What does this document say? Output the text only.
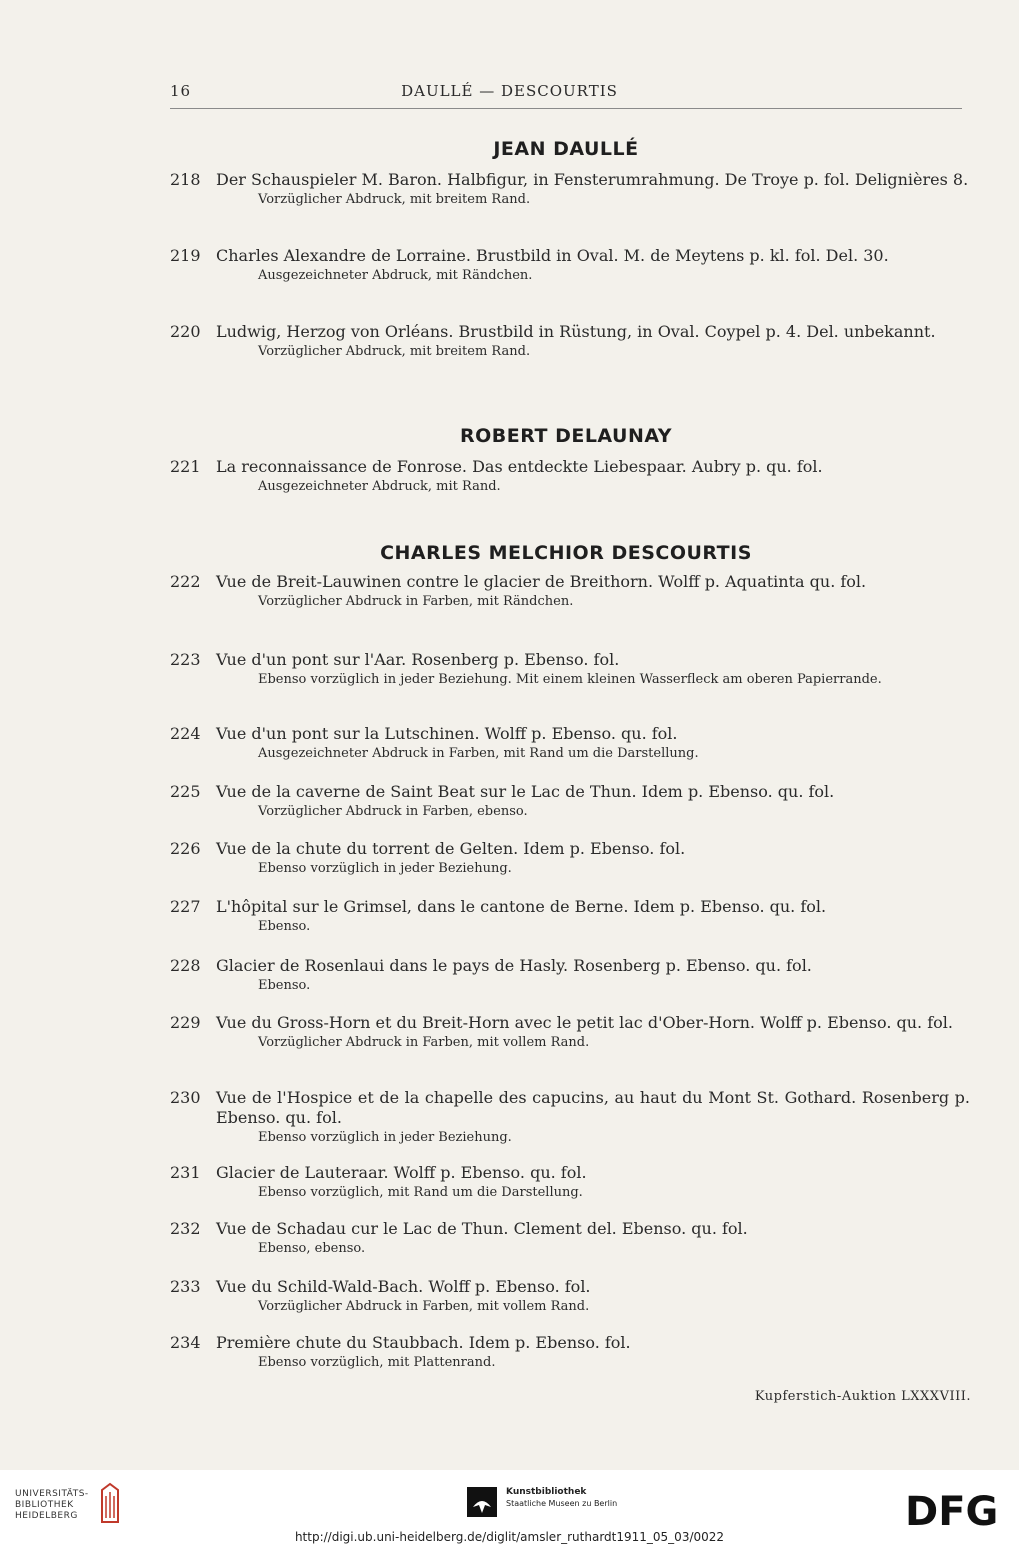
16	DAULLÉ — DESCOURTIS
JEAN DAULLÉ
218 Der Schauspieler M. Baron. Halbfigur, in Fensterumrahmung. De Troye p. fol. Delignières 8.
Vorzüglicher Abdruck, mit breitem Rand.
219 Charles Alexandre de Lorraine. Brustbild in Oval. M. de Meytens p. kl. fol. Del. 30.
Ausgezeichneter Abdruck, mit Rändchen.
220 Ludwig, Herzog von Orléans. Brustbild in Rüstung, in Oval. Coypel p. 4. Del. unbekannt.
Vorzüglicher Abdruck, mit breitem Rand.
ROBERT DELAUNAY
221 La reconnaissance de Fonrose. Das entdeckte Liebespaar. Aubry p. qu. fol.
Ausgezeichneter Abdruck, mit Rand.
CHARLES MELCHIOR DESCOURTIS
222 Vue de Breit-Lauwinen contre le glacier de Breithorn. Wolff p. Aquatinta qu. fol.
Vorzüglicher Abdruck in Farben, mit Rändchen.
223 Vue d'un pont sur l'Aar. Rosenberg p. Ebenso. fol.
Ebenso vorzüglich in jeder Beziehung. Mit einem kleinen Wasserfleck am oberen Papierrande.
224 Vue d'un pont sur la Lutschinen. Wolff p. Ebenso. qu. fol.
Ausgezeichneter Abdruck in Farben, mit Rand um die Darstellung.
225 Vue de la caverne de Saint Beat sur le Lac de Thun. Idem p. Ebenso. qu. fol.
Vorzüglicher Abdruck in Farben, ebenso.
226 Vue de la chute du torrent de Gelten. Idem p. Ebenso. fol.
Ebenso vorzüglich in jeder Beziehung.
227 L'hôpital sur le Grimsel, dans le cantone de Berne. Idem p. Ebenso. qu. fol.
Ebenso.
228 Glacier de Rosenlaui dans le pays de Hasly. Rosenberg p. Ebenso. qu. fol.
Ebenso.
229 Vue du Gross-Horn et du Breit-Horn avec le petit lac d'Ober-Horn. Wolff p. Ebenso. qu. fol.
Vorzüglicher Abdruck in Farben, mit vollem Rand.
230 Vue de l'Hospice et de la chapelle des capucins, au haut du Mont St. Gothard. Rosenberg p. Ebenso. qu. fol.
Ebenso vorzüglich in jeder Beziehung.
231 Glacier de Lauteraar. Wolff p. Ebenso. qu. fol.
Ebenso vorzüglich, mit Rand um die Darstellung.
232 Vue de Schadau cur le Lac de Thun. Clement del. Ebenso. qu. fol.
Ebenso, ebenso.
233 Vue du Schild-Wald-Bach. Wolff p. Ebenso. fol.
Vorzüglicher Abdruck in Farben, mit vollem Rand.
234 Première chute du Staubbach. Idem p. Ebenso. fol.
Ebenso vorzüglich, mit Plattenrand.
Kupferstich-Auktion LXXXVIII.
UNIVERSITÄTS-
BIBLIOTHEK
HEIDELBERG
Kunstbibliothek
Staatliche Museen zu Berlin	DFG
http://digi.ub.uni-heidelberg.de/diglit/amsler_ruthardt1911_05_03/0022
